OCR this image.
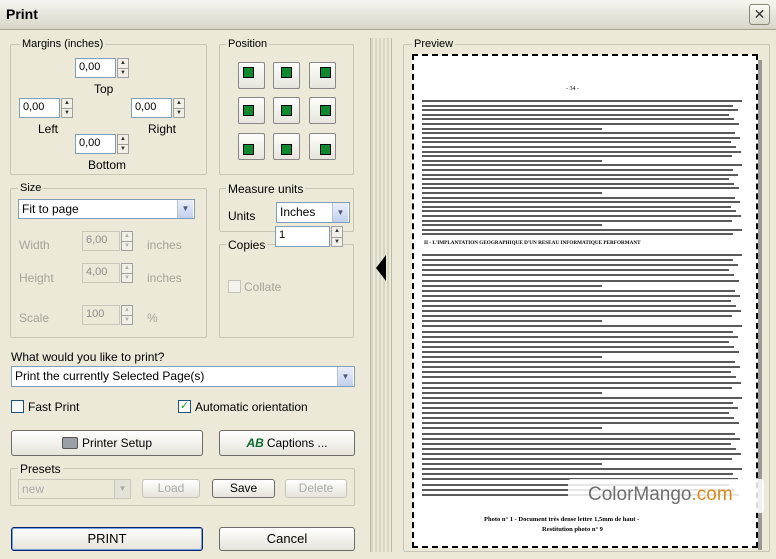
Print	✕
Margins (inches)
0,00	▲
▼
Top
0,00	▲
▼
Left
0,00	▲
▼
Right
0,00	▲
▼
Bottom
Position
Size
Fit to page	▼
Width	6,00	▲
▼ inches
Height	4,00	▲
▼ inches
Scale	100	▲
▼ %
Measure units
Units	Inches	▼
Copies
1	▲
▼
Collate
What would you like to print?
Print the currently Selected Page(s)	▼
Fast Print	✓ Automatic orientation
Printer Setup	AB Captions ...
Presets
new	▼	Load	Save	Delete
PRINT	Cancel
Preview
- 34 -
II - L'IMPLANTATION GEOGRAPHIQUE D'UN RESEAU INFORMATIQUE PERFORMANT
Photo n° 1 - Document très dense lettre 1,5mm de haut -
Restitution photo n° 9
ColorMango.com
